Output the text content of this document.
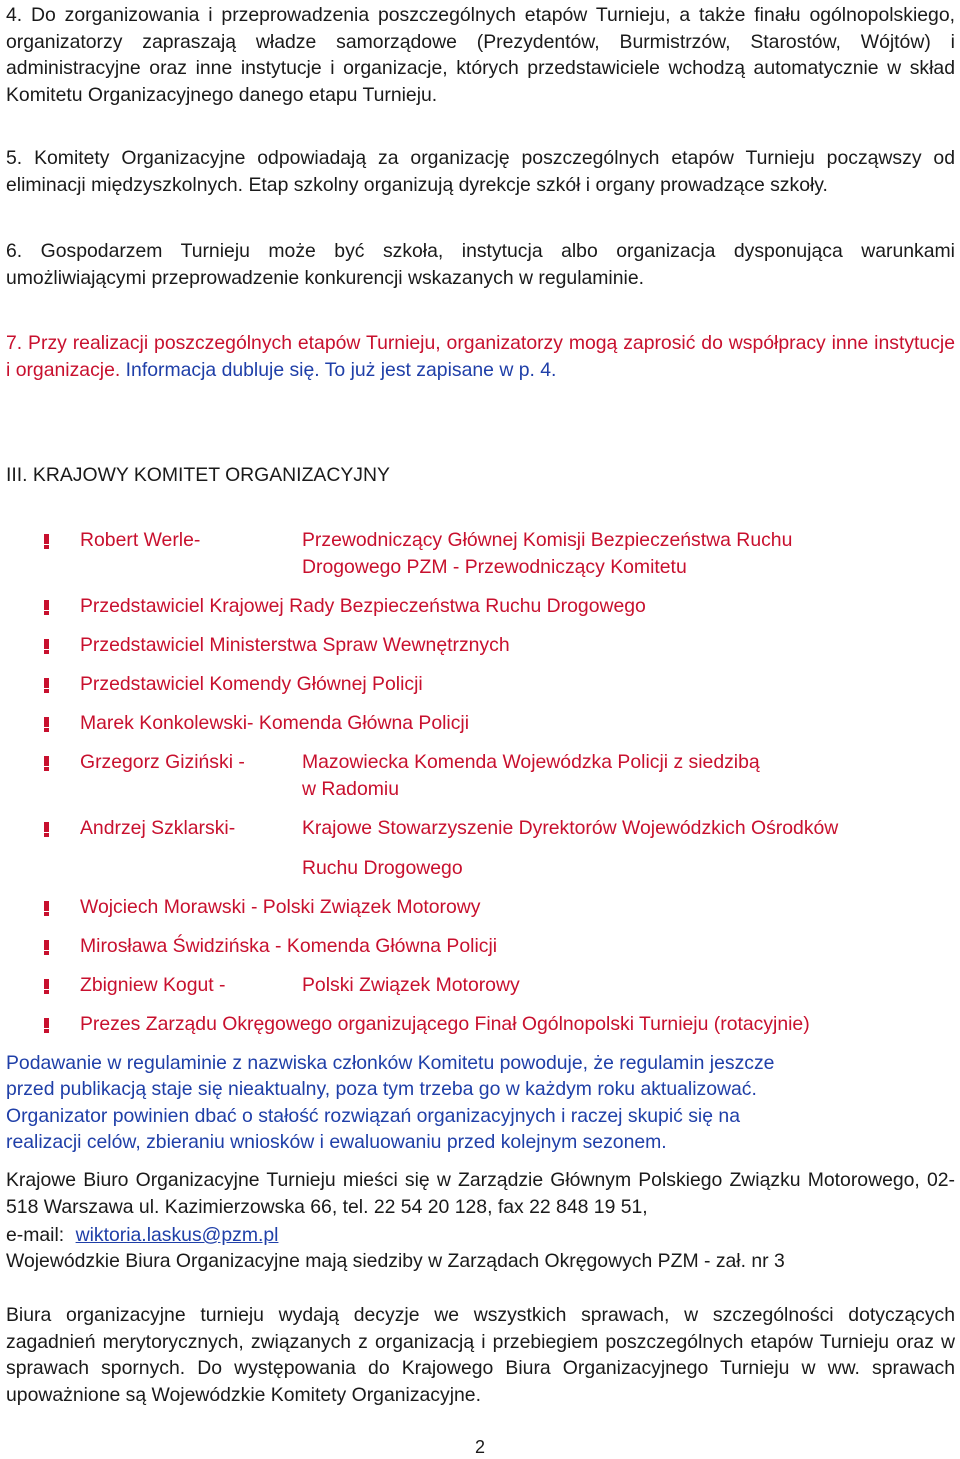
4. Do zorganizowania i przeprowadzenia poszczególnych etapów Turnieju, a także finału ogólnopolskiego, organizatorzy zapraszają władze samorządowe (Prezydentów, Burmistrzów, Starostów, Wójtów) i administracyjne oraz inne instytucje i organizacje, których przedstawiciele wchodzą automatycznie w skład Komitetu Organizacyjnego danego etapu Turnieju.

5. Komitety Organizacyjne odpowiadają za organizację poszczególnych etapów Turnieju począwszy od eliminacji międzyszkolnych. Etap szkolny organizują dyrekcje szkół i organy prowadzące szkoły.

6. Gospodarzem Turnieju może być szkoła, instytucja albo organizacja dysponująca warunkami umożliwiającymi przeprowadzenie konkurencji wskazanych w regulaminie.

7. Przy realizacji poszczególnych etapów Turnieju, organizatorzy mogą zaprosić do współpracy inne instytucje i organizacje. Informacja dubluje się. To już jest zapisane w p. 4.

III. KRAJOWY KOMITET ORGANIZACYJNY

Robert Werle-	Przewodniczący Głównej Komisji Bezpieczeństwa Ruchu
Drogowego PZM - Przewodniczący Komitetu
Przedstawiciel Krajowej Rady Bezpieczeństwa Ruchu Drogowego
Przedstawiciel Ministerstwa Spraw Wewnętrznych
Przedstawiciel Komendy Głównej Policji
Marek Konkolewski- Komenda Główna Policji
Grzegorz Giziński -	Mazowiecka Komenda Wojewódzka Policji z siedzibą
w Radomiu
Andrzej Szklarski-	Krajowe Stowarzyszenie Dyrektorów Wojewódzkich Ośrodków
Ruchu Drogowego
Wojciech Morawski - Polski Związek Motorowy
Mirosława Świdzińska - Komenda Główna Policji
Zbigniew Kogut -	Polski Związek Motorowy
Prezes Zarządu Okręgowego organizującego Finał Ogólnopolski Turnieju (rotacyjnie)
Podawanie w regulaminie z nazwiska członków Komitetu powoduje, że regulamin jeszcze
przed publikacją staje się nieaktualny, poza tym trzeba go w każdym roku aktualizować.
Organizator powinien dbać o stałość rozwiązań organizacyjnych i raczej skupić się na
realizacji celów, zbieraniu wniosków i ewaluowaniu przed kolejnym sezonem.

Krajowe Biuro Organizacyjne Turnieju mieści się w Zarządzie Głównym Polskiego Związku Motorowego, 02-518 Warszawa ul. Kazimierzowska 66, tel. 22 54 20 128, fax 22 848 19 51,

e-mail: wiktoria.laskus@pzm.pl
Wojewódzkie Biura Organizacyjne mają siedziby w Zarządach Okręgowych PZM - zał. nr 3

Biura organizacyjne turnieju wydają decyzje we wszystkich sprawach, w szczególności dotyczących zagadnień merytorycznych, związanych z organizacją i przebiegiem poszczególnych etapów Turnieju oraz w sprawach spornych. Do występowania do Krajowego Biura Organizacyjnego Turnieju w ww. sprawach upoważnione są Wojewódzkie Komitety Organizacyjne.

2
